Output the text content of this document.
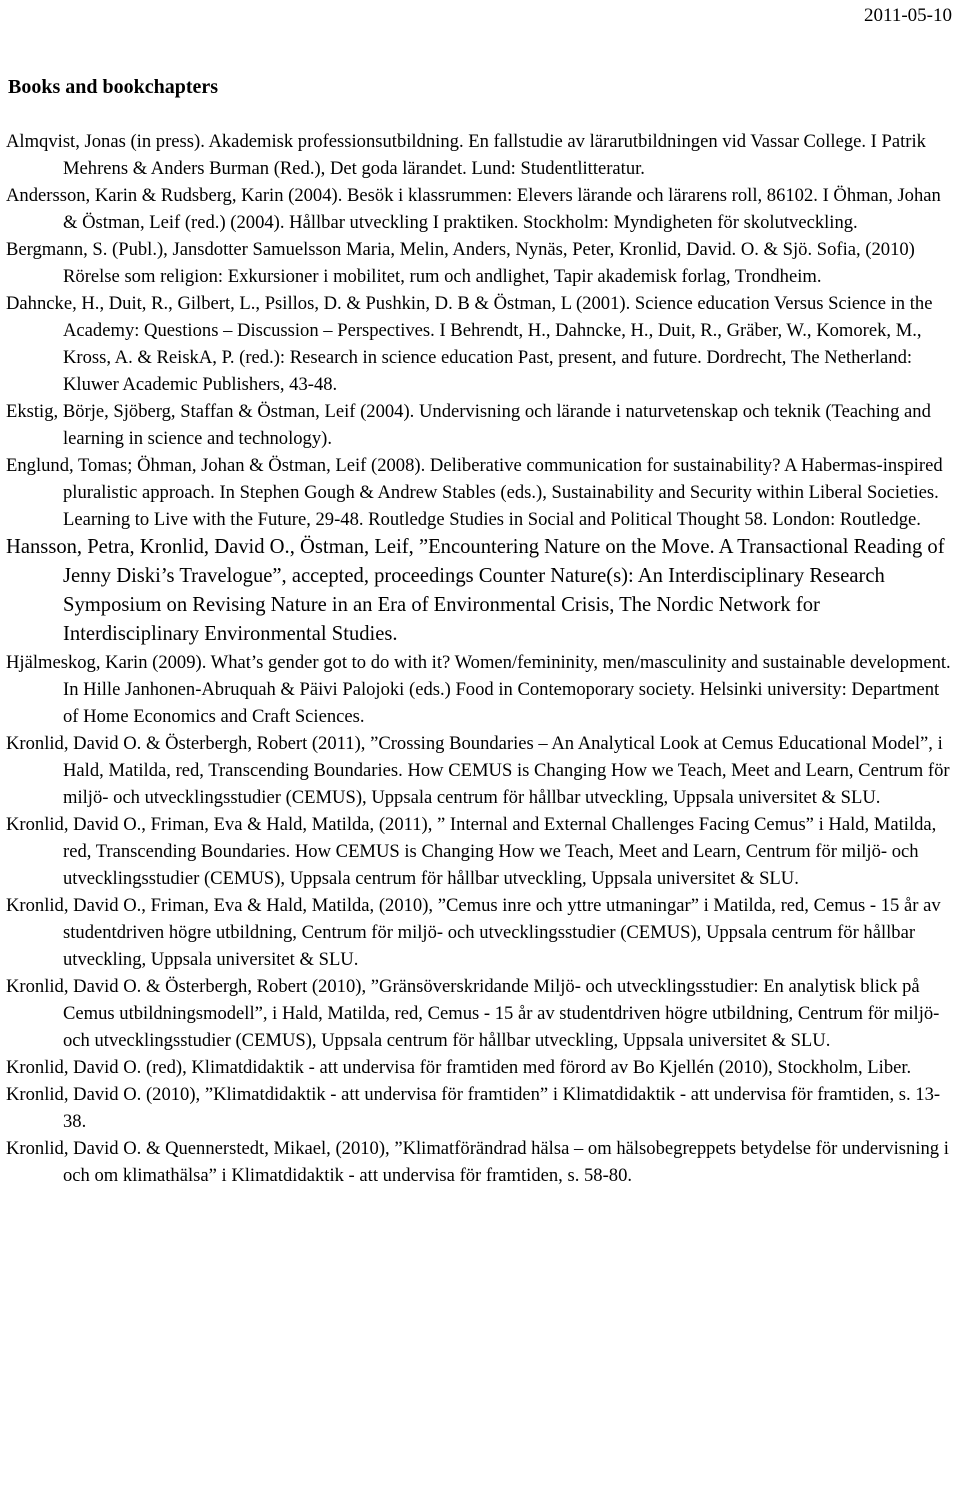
2011-05-10
Books and bookchapters

Almqvist, Jonas (in press). Akademisk professionsutbildning. En fallstudie av lärarutbildningen vid Vassar College. I Patrik Mehrens & Anders Burman (Red.), Det goda lärandet. Lund: Studentlitteratur.

Andersson, Karin & Rudsberg, Karin (2004). Besök i klassrummen: Elevers lärande och lärarens roll, 86102. I Öhman, Johan & Östman, Leif (red.) (2004). Hållbar utveckling I praktiken. Stockholm: Myndigheten för skolutveckling.

Bergmann, S. (Publ.), Jansdotter Samuelsson Maria, Melin, Anders, Nynäs, Peter, Kronlid, David. O. & Sjö. Sofia, (2010) Rörelse som religion: Exkursioner i mobilitet, rum och andlighet, Tapir akademisk forlag, Trondheim.

Dahncke, H., Duit, R., Gilbert, L., Psillos, D. & Pushkin, D. B & Östman, L (2001). Science education Versus Science in the Academy: Questions – Discussion – Perspectives. I Behrendt, H., Dahncke, H., Duit, R., Gräber, W., Komorek, M., Kross, A. & ReiskA, P. (red.): Research in science education Past, present, and future. Dordrecht, The Netherland: Kluwer Academic Publishers, 43-48.

Ekstig, Börje, Sjöberg, Staffan & Östman, Leif (2004). Undervisning och lärande i naturvetenskap och teknik (Teaching and learning in science and technology).

Englund, Tomas; Öhman, Johan & Östman, Leif (2008). Deliberative communication for sustainability? A Habermas-inspired pluralistic approach. In Stephen Gough & Andrew Stables (eds.), Sustainability and Security within Liberal Societies. Learning to Live with the Future, 29-48. Routledge Studies in Social and Political Thought 58. London: Routledge.

Hansson, Petra, Kronlid, David O., Östman, Leif, ”Encountering Nature on the Move. A Transactional Reading of Jenny Diski’s Travelogue”, accepted, proceedings Counter Nature(s): An Interdisciplinary Research Symposium on Revising Nature in an Era of Environmental Crisis, The Nordic Network for Interdisciplinary Environmental Studies.

Hjälmeskog, Karin (2009). What’s gender got to do with it? Women/femininity, men/masculinity and sustainable development. In Hille Janhonen-Abruquah & Päivi Palojoki (eds.) Food in Contemoporary society. Helsinki university: Department of Home Economics and Craft Sciences.

Kronlid, David O. & Österbergh, Robert (2011), ”Crossing Boundaries – An Analytical Look at Cemus Educational Model”, i Hald, Matilda, red, Transcending Boundaries. How CEMUS is Changing How we Teach, Meet and Learn, Centrum för miljö- och utvecklingsstudier (CEMUS), Uppsala centrum för hållbar utveckling, Uppsala universitet & SLU.

Kronlid, David O., Friman, Eva & Hald, Matilda, (2011), ” Internal and External Challenges Facing Cemus” i Hald, Matilda, red, Transcending Boundaries. How CEMUS is Changing How we Teach, Meet and Learn, Centrum för miljö- och utvecklingsstudier (CEMUS), Uppsala centrum för hållbar utveckling, Uppsala universitet & SLU.

Kronlid, David O., Friman, Eva & Hald, Matilda, (2010), ”Cemus inre och yttre utmaningar” i Matilda, red, Cemus - 15 år av studentdriven högre utbildning, Centrum för miljö- och utvecklingsstudier (CEMUS), Uppsala centrum för hållbar utveckling, Uppsala universitet & SLU.

Kronlid, David O. & Österbergh, Robert (2010), ”Gränsöverskridande Miljö- och utvecklingsstudier: En analytisk blick på Cemus utbildningsmodell”, i Hald, Matilda, red, Cemus - 15 år av studentdriven högre utbildning, Centrum för miljö- och utvecklingsstudier (CEMUS), Uppsala centrum för hållbar utveckling, Uppsala universitet & SLU.

Kronlid, David O. (red), Klimatdidaktik - att undervisa för framtiden med förord av Bo Kjellén (2010), Stockholm, Liber.

Kronlid, David O. (2010), ”Klimatdidaktik - att undervisa för framtiden” i Klimatdidaktik - att undervisa för framtiden, s. 13-38.

Kronlid, David O. & Quennerstedt, Mikael, (2010), ”Klimatförändrad hälsa – om hälsobegreppets betydelse för undervisning i och om klimathälsa” i Klimatdidaktik - att undervisa för framtiden, s. 58-80.
